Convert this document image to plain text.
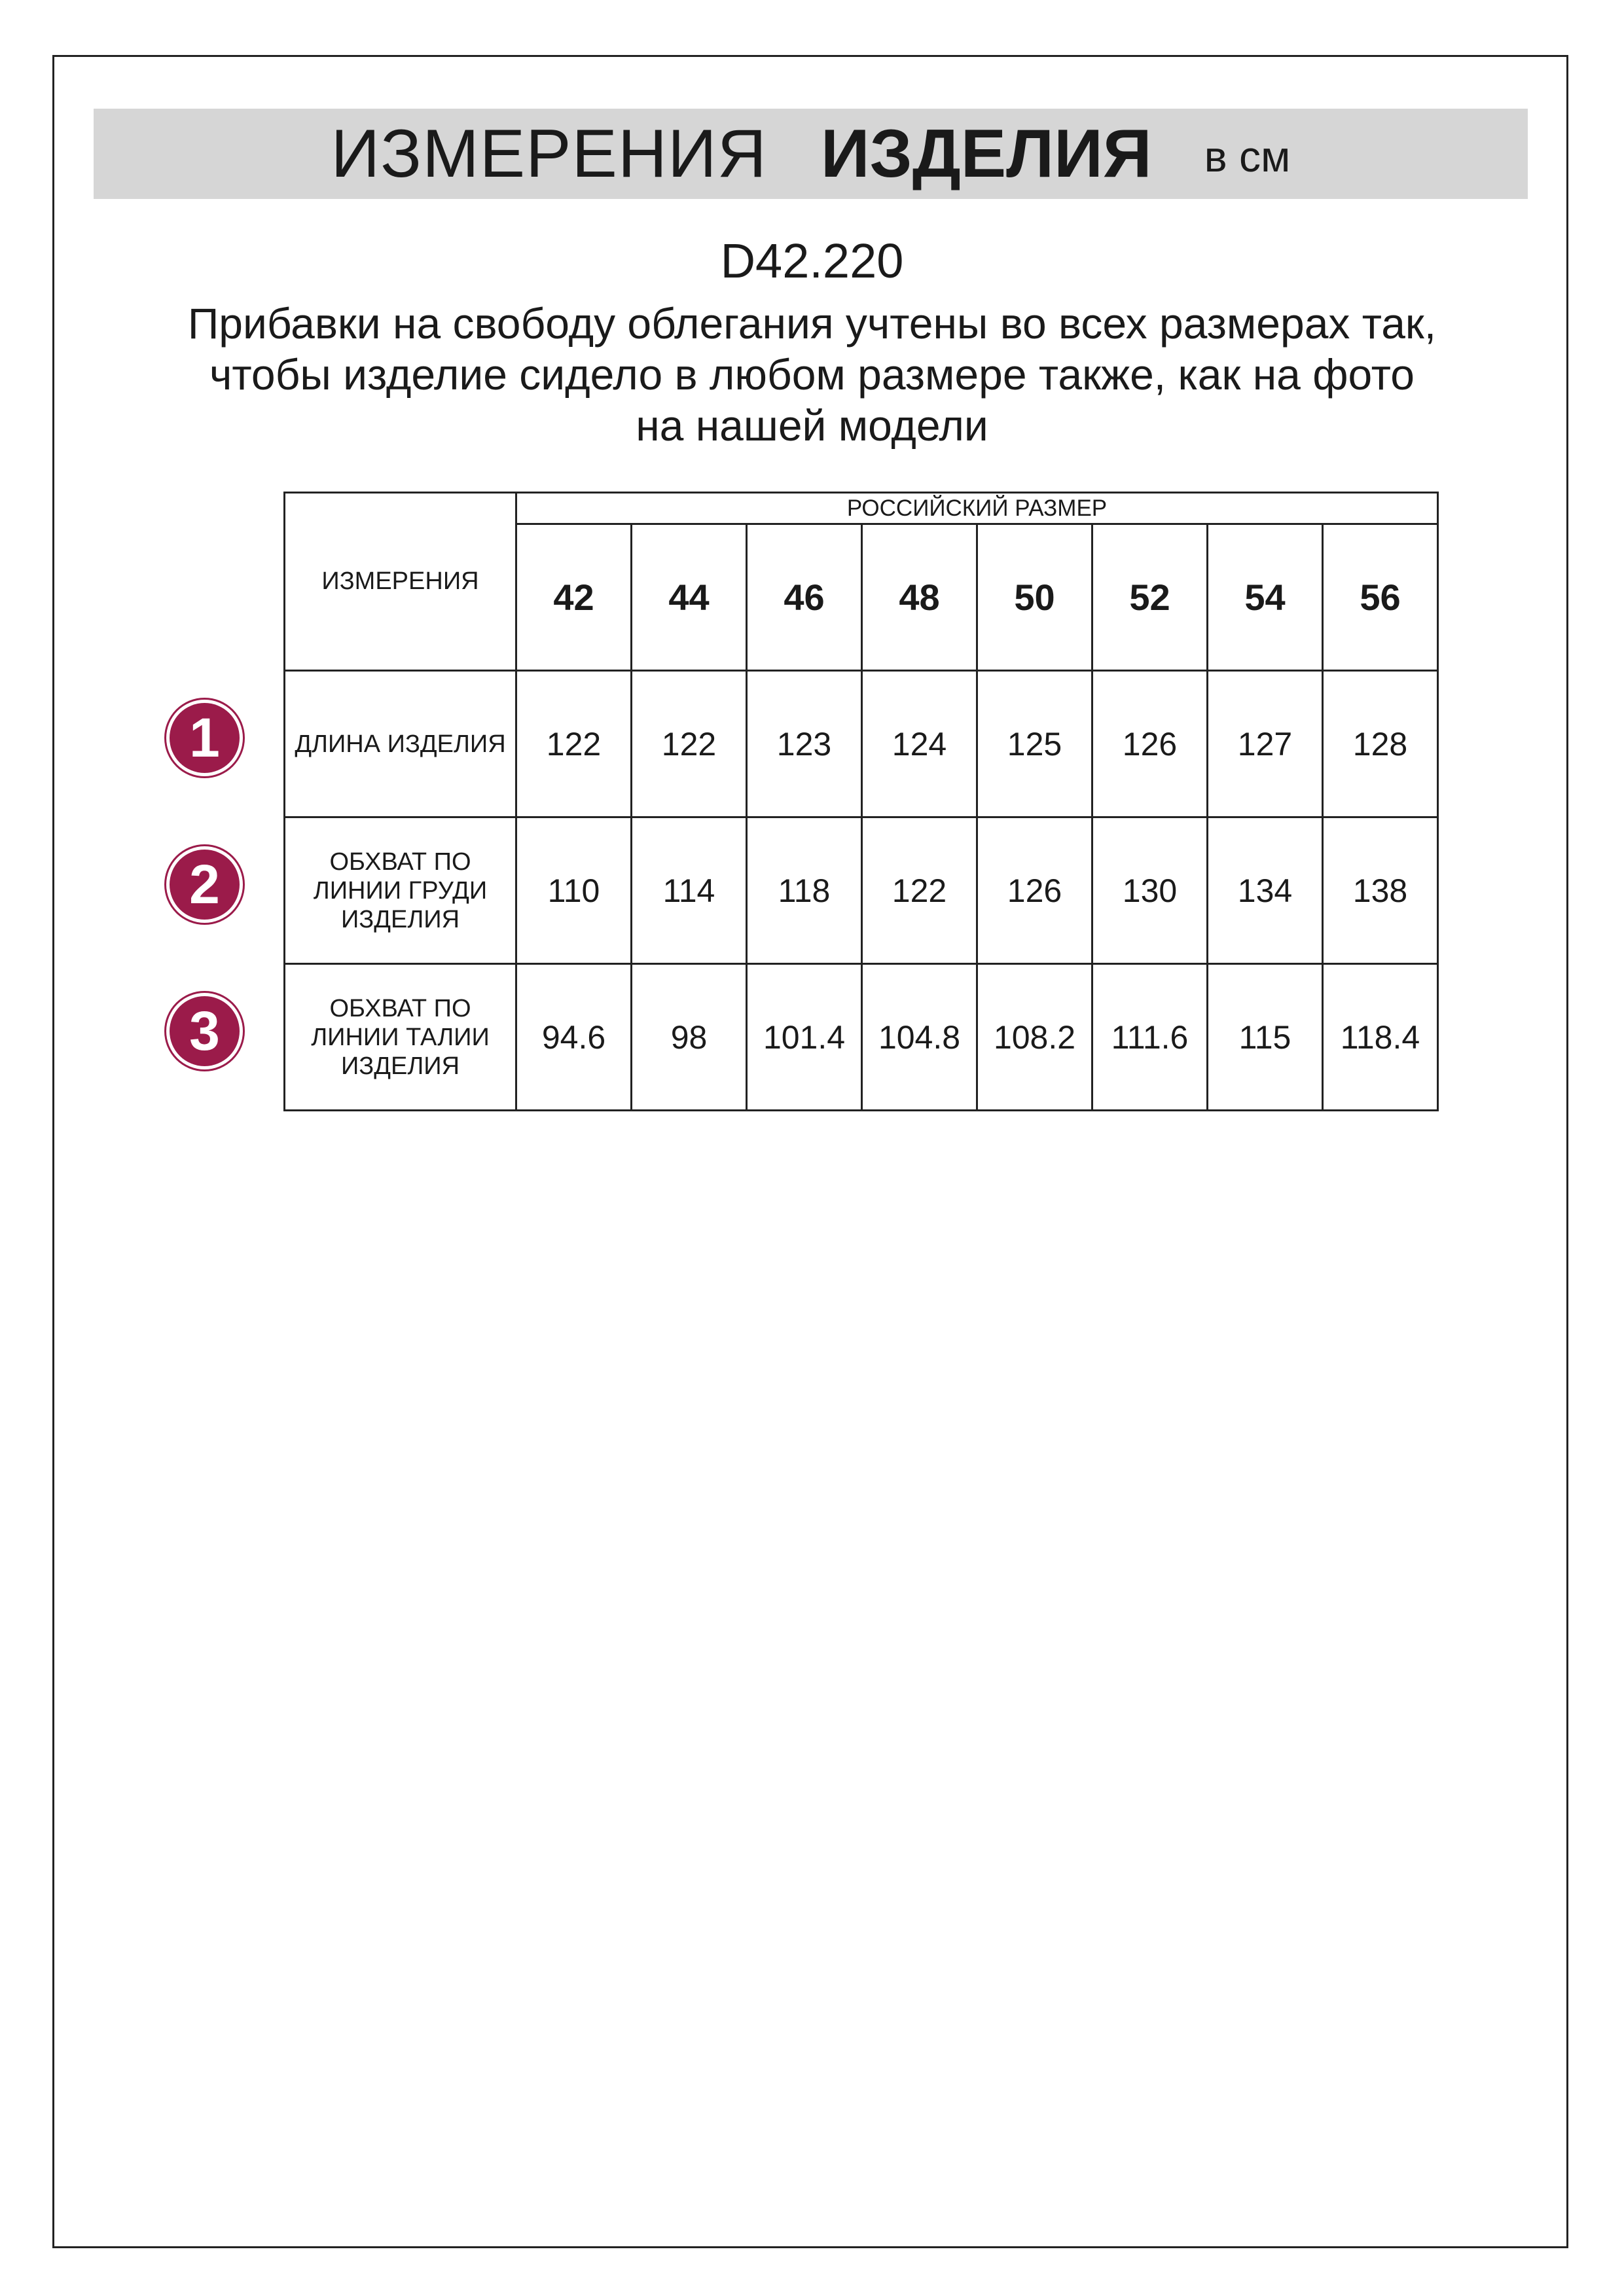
ИЗМЕРЕНИЯ ИЗДЕЛИЯ в см
D42.220
Прибавки на свободу облегания учтены во всех размерах так,
чтобы изделие сидело в любом размере также, как на фото
на нашей модели
ИЗМЕРЕНИЯ	РОССИЙСКИЙ РАЗМЕР							
	42	44	46	48	50	52	54	56
ДЛИНА ИЗДЕЛИЯ	122	122	123	124	125	126	127	128

ОБХВАТ ПО
ЛИНИИ ГРУДИ
ИЗДЕЛИЯ	110	114	118	122	126	130	134	138

ОБХВАТ ПО
ЛИНИИ ТАЛИИ
ИЗДЕЛИЯ	94.6	98	101.4	104.8	108.2	111.6	115	118.4
1
2
3
